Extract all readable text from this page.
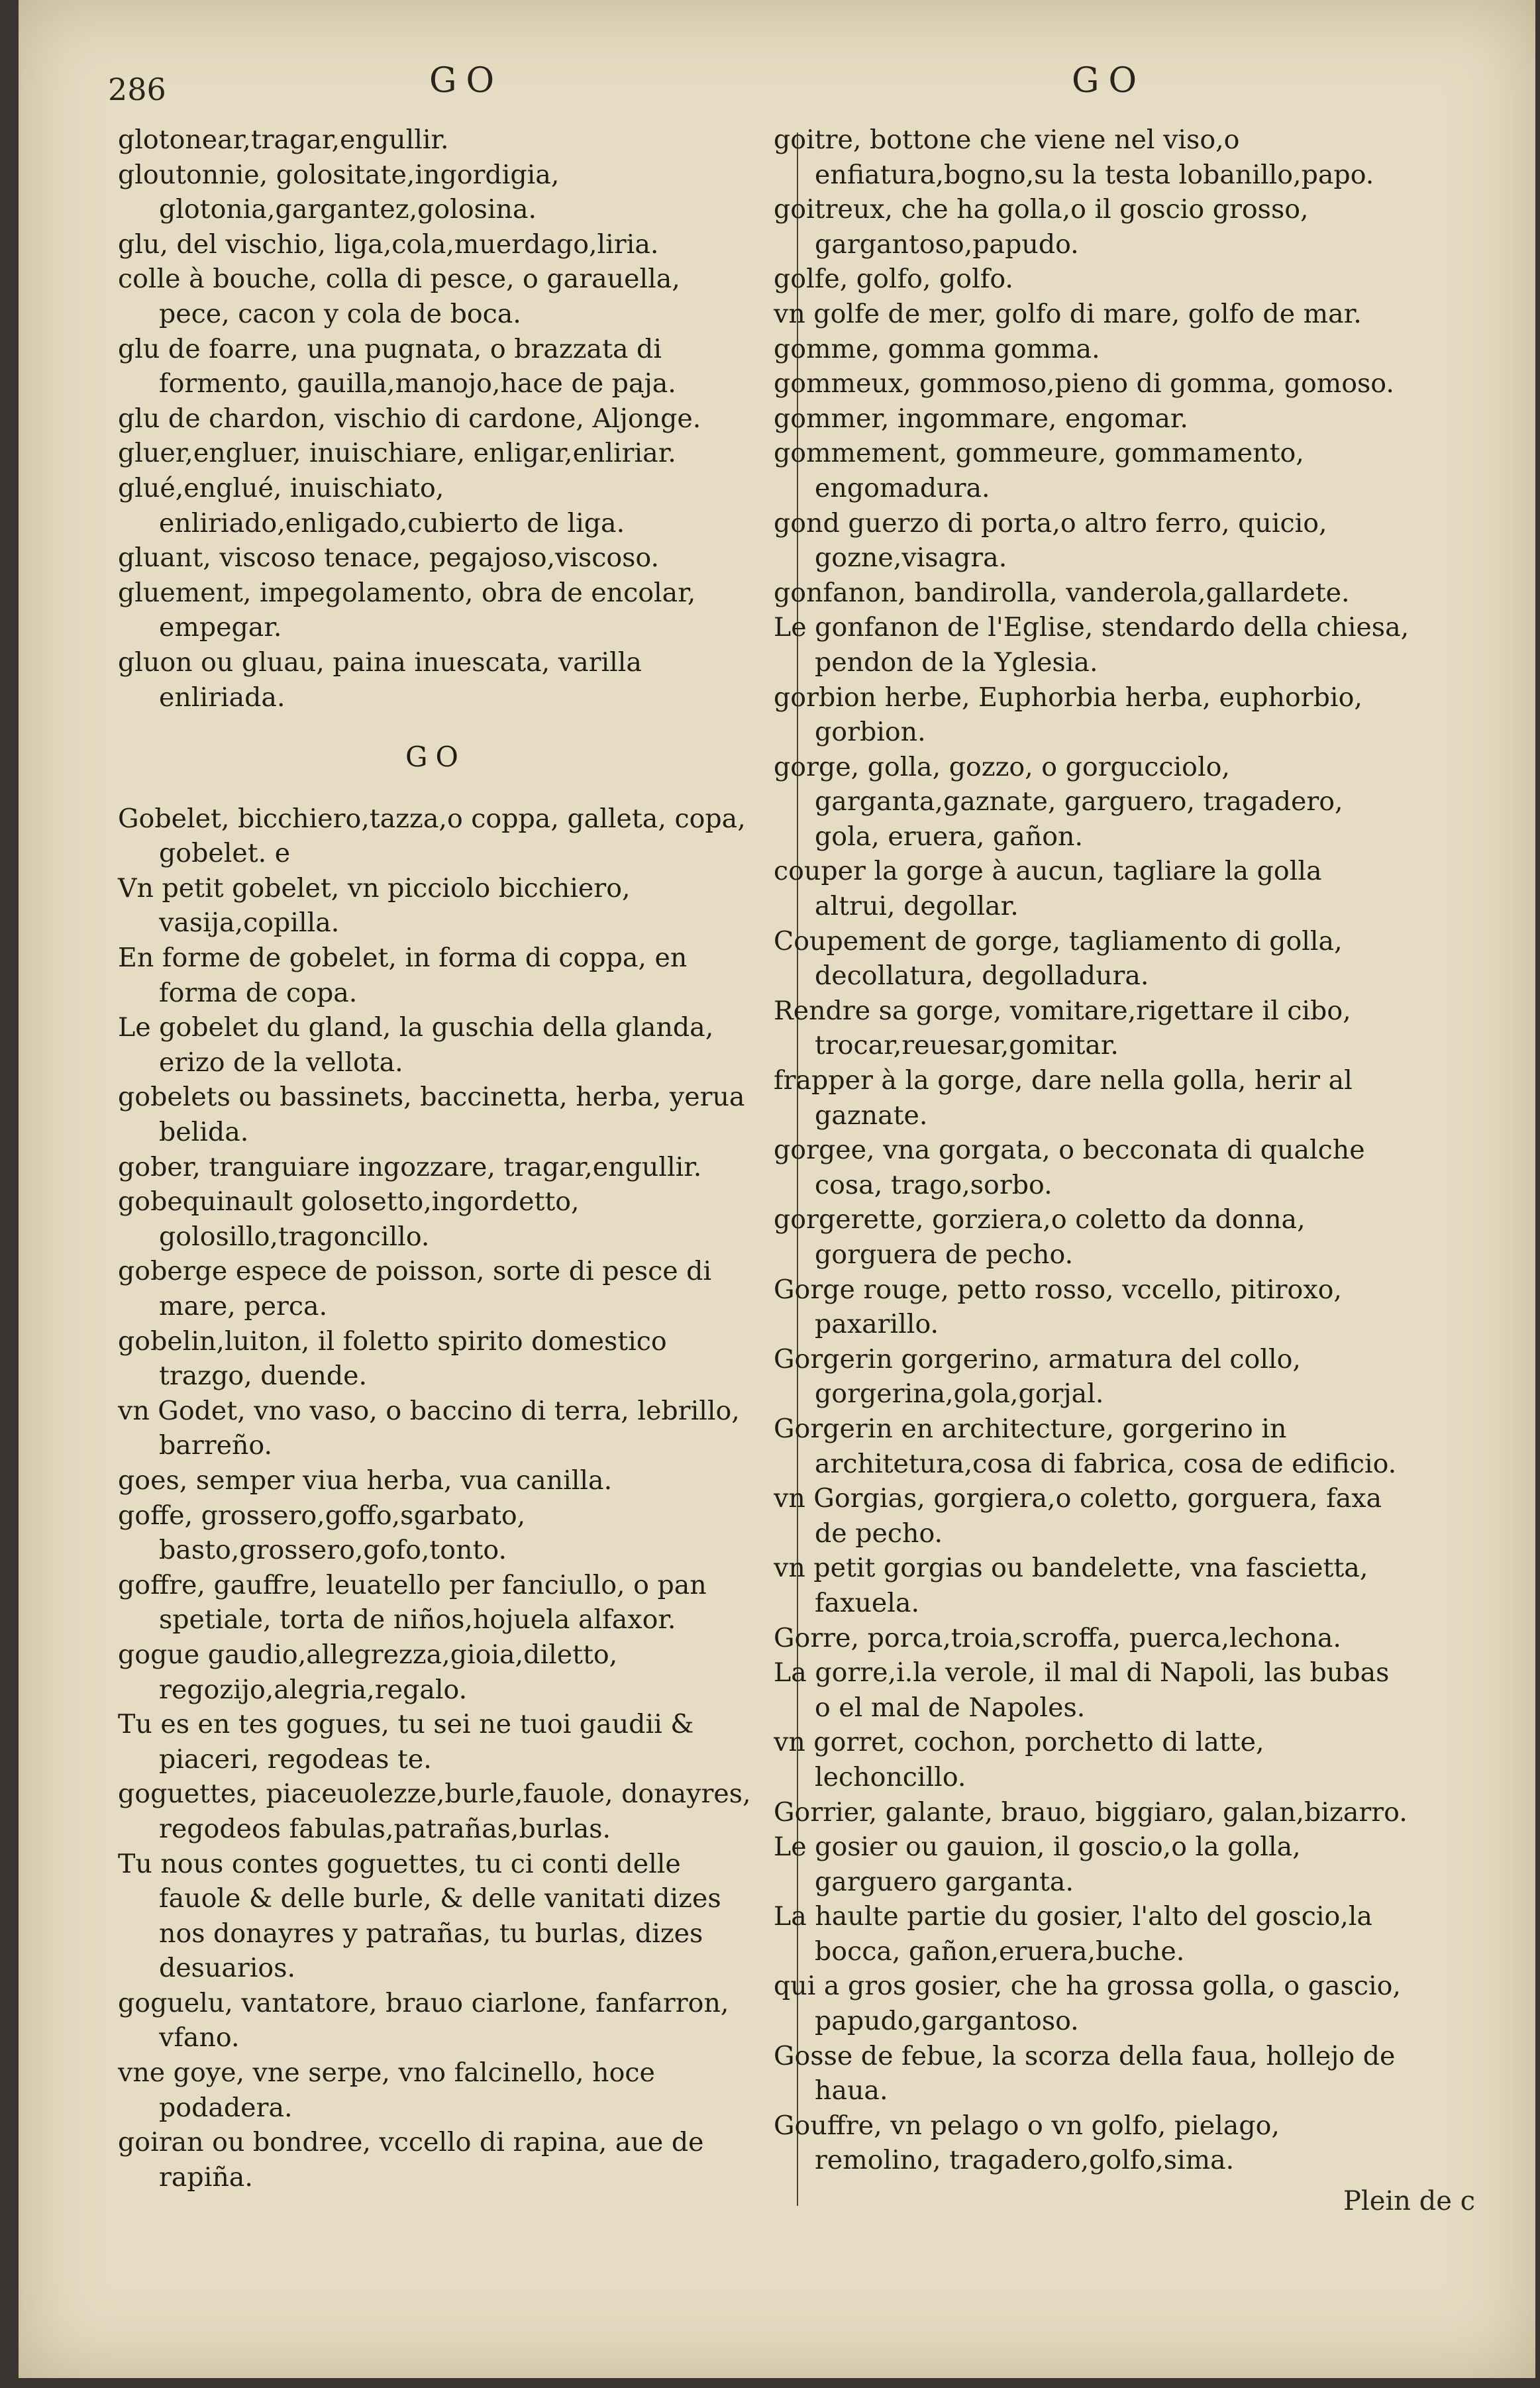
286	GO	GO
glotonear,tragar,engullir.
gloutonnie, golositate,ingordigia, glotonia,gargantez,golosina.
glu, del vischio, liga,cola,muerdago,liria.
colle à bouche, colla di pesce, o garauella, pece, cacon y cola de boca.
glu de foarre, una pugnata, o brazzata di formento, gauilla,manojo,hace de paja.
glu de chardon, vischio di cardone, Aljonge.
gluer,engluer, inuischiare, enligar,enliriar.
glué,englué, inuischiato, enliriado,enligado,cubierto de liga.
gluant, viscoso tenace, pegajoso,viscoso.
gluement, impegolamento, obra de encolar, empegar.
gluon ou gluau, paina inuescata, varilla enliriada.
GO
Gobelet, bicchiero,tazza,o coppa, galleta, copa, gobelet. e
Vn petit gobelet, vn picciolo bicchiero, vasija,copilla.
En forme de gobelet, in forma di coppa, en forma de copa.
Le gobelet du gland, la guschia della glanda, erizo de la vellota.
gobelets ou bassinets, baccinetta, herba, yerua belida.
gober, tranguiare ingozzare, tragar,engullir.
gobequinault golosetto,ingordetto, golosillo,tragoncillo.
goberge espece de poisson, sorte di pesce di mare, perca.
gobelin,luiton, il foletto spirito domestico trazgo, duende.
vn Godet, vno vaso, o baccino di terra, lebrillo, barreño.
goes, semper viua herba, vua canilla.
goffe, grossero,goffo,sgarbato, basto,grossero,gofo,tonto.
goffre, gauffre, leuatello per fanciullo, o pan spetiale, torta de niños,hojuela alfaxor.
gogue gaudio,allegrezza,gioia,diletto, regozijo,alegria,regalo.
Tu es en tes gogues, tu sei ne tuoi gaudii & piaceri, regodeas te.
goguettes, piaceuolezze,burle,fauole, donayres, regodeos fabulas,patrañas,burlas.
Tu nous contes goguettes, tu ci conti delle fauole & delle burle, & delle vanitati dizes nos donayres y patrañas, tu burlas, dizes desuarios.
goguelu, vantatore, brauo ciarlone, fanfarron, vfano.
vne goye, vne serpe, vno falcinello, hoce podadera.
goiran ou bondree, vccello di rapina, aue de rapiña.
goitre, bottone che viene nel viso,o enfiatura,bogno,su la testa lobanillo,papo.
goitreux, che ha golla,o il goscio grosso, gargantoso,papudo.
golfe, golfo, golfo.
vn golfe de mer, golfo di mare, golfo de mar.
gomme, gomma gomma.
gommeux, gommoso,pieno di gomma, gomoso.
gommer, ingommare, engomar.
gommement, gommeure, gommamento, engomadura.
gond guerzo di porta,o altro ferro, quicio, gozne,visagra.
gonfanon, bandirolla, vanderola,gallardete.
Le gonfanon de l'Eglise, stendardo della chiesa, pendon de la Yglesia.
gorbion herbe, Euphorbia herba, euphorbio, gorbion.
gorge, golla, gozzo, o gorgucciolo, garganta,gaznate, garguero, tragadero, gola, eruera, gañon.
couper la gorge à aucun, tagliare la golla altrui, degollar.
Coupement de gorge, tagliamento di golla, decollatura, degolladura.
Rendre sa gorge, vomitare,rigettare il cibo, trocar,reuesar,gomitar.
frapper à la gorge, dare nella golla, herir al gaznate.
gorgee, vna gorgata, o becconata di qualche cosa, trago,sorbo.
gorgerette, gorziera,o coletto da donna, gorguera de pecho.
Gorge rouge, petto rosso, vccello, pitiroxo, paxarillo.
Gorgerin gorgerino, armatura del collo, gorgerina,gola,gorjal.
Gorgerin en architecture, gorgerino in architetura,cosa di fabrica, cosa de edificio.
vn Gorgias, gorgiera,o coletto, gorguera, faxa de pecho.
vn petit gorgias ou bandelette, vna fascietta, faxuela.
Gorre, porca,troia,scroffa, puerca,lechona.
La gorre,i.la verole, il mal di Napoli, las bubas o el mal de Napoles.
vn gorret, cochon, porchetto di latte, lechoncillo.
Gorrier, galante, brauo, biggiaro, galan,bizarro.
Le gosier ou gauion, il goscio,o la golla, garguero garganta.
La haulte partie du gosier, l'alto del goscio,la bocca, gañon,eruera,buche.
qui a gros gosier, che ha grossa golla, o gascio, papudo,gargantoso.
Gosse de febue, la scorza della faua, hollejo de haua.
Gouffre, vn pelago o vn golfo, pielago, remolino, tragadero,golfo,sima.
Plein de c
